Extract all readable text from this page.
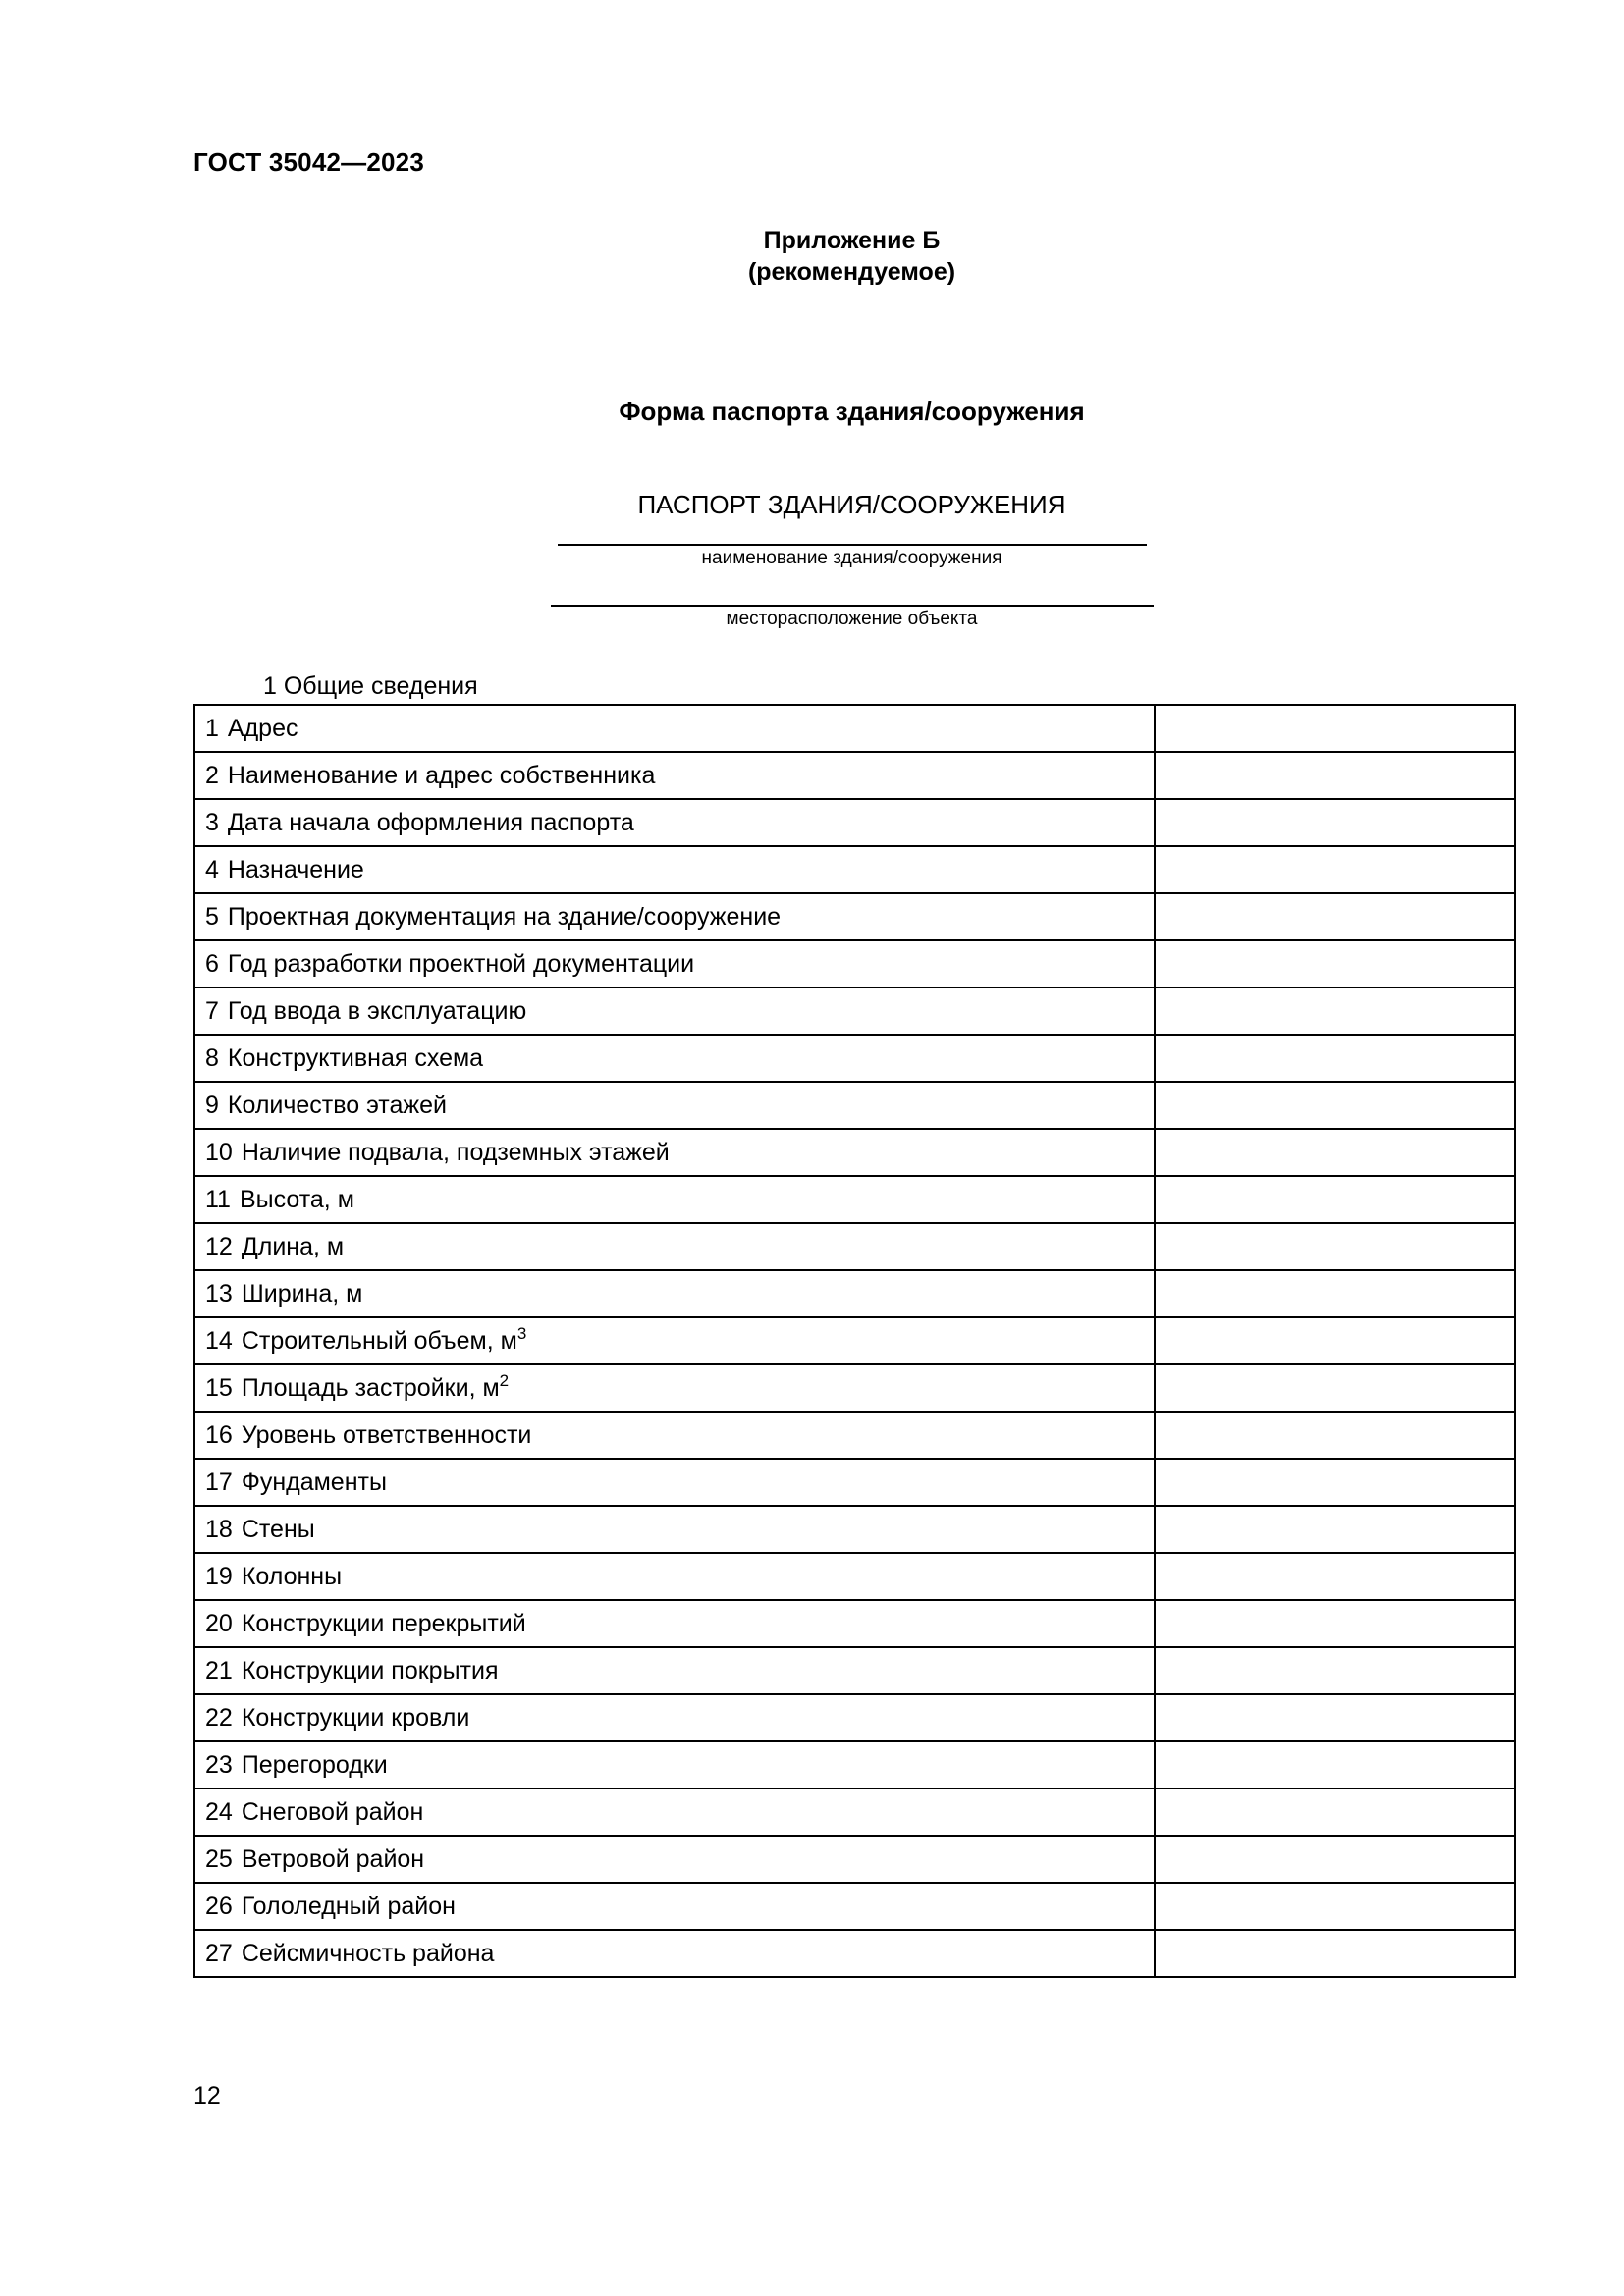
ГОСТ 35042—2023
Приложение Б
(рекомендуемое)
Форма паспорта здания/сооружения
ПАСПОРТ ЗДАНИЯ/СООРУЖЕНИЯ
наименование здания/сооружения
месторасположение объекта
1 Общие сведения
1 Адрес	
2 Наименование и адрес собственника	
3 Дата начала оформления паспорта	
4 Назначение	
5 Проектная документация на здание/сооружение	
6 Год разработки проектной документации	
7 Год ввода в эксплуатацию	
8 Конструктивная схема	
9 Количество этажей	
10 Наличие подвала, подземных этажей	
11 Высота, м	
12 Длина, м	
13 Ширина, м	
14 Строительный объем, $м^3$	
15 Площадь застройки, $м^2$	
16 Уровень ответственности	
17 Фундаменты	
18 Стены	
19 Колонны	
20 Конструкции перекрытий	
21 Конструкции покрытия	
22 Конструкции кровли	
23 Перегородки	
24 Снеговой район	
25 Ветровой район	
26 Гололедный район	
27 Сейсмичность района	
12
